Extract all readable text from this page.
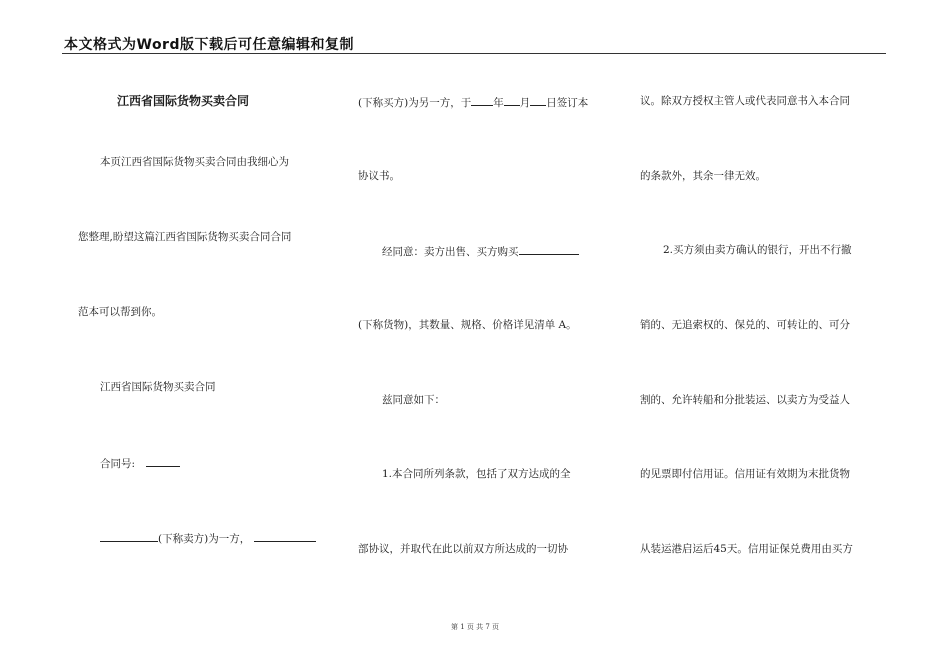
本文格式为Word版下载后可任意编辑和复制
江西省国际货物买卖合同
本页江西省国际货物买卖合同由我细心为
您整理,盼望这篇江西省国际货物买卖合同合同
范本可以帮到你。
江西省国际货物买卖合同
合同号:
(下称卖方)为一方，
(下称买方)为另一方，于 年 月 日签订本
协议书。
经同意：卖方出售、买方购买
(下称货物)，其数量、规格、价格详见清单 A。
兹同意如下：
1.本合同所列条款，包括了双方达成的全
部协议，并取代在此以前双方所达成的一切协
议。除双方授权主管人或代表同意书入本合同
的条款外，其余一律无效。
2.买方须由卖方确认的银行，开出不行撤
销的、无追索权的、保兑的、可转让的、可分
割的、允许转船和分批装运、以卖方为受益人
的见票即付信用证。信用证有效期为末批货物
从装运港启运后45天。信用证保兑费用由买方
第 1 页 共 7 页
